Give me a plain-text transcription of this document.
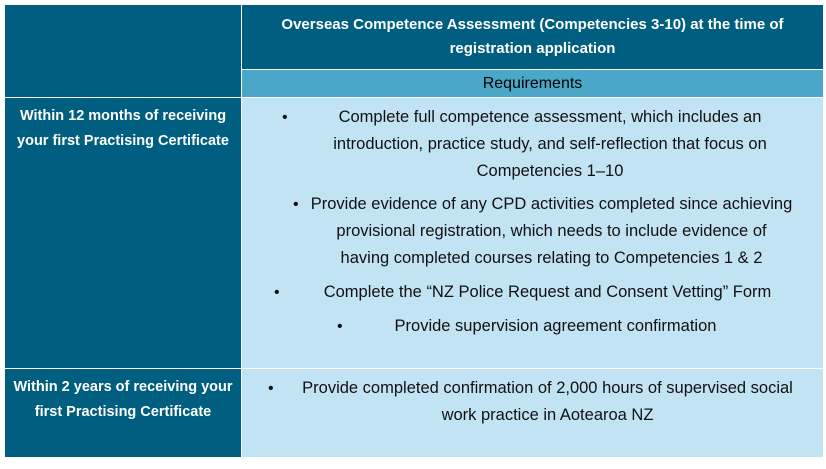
Overseas Competence Assessment (Competencies 3-10) at the time of registration application
Requirements
Within 12 months of receiving your first Practising Certificate
•	Complete full competence assessment, which includes an introduction, practice study, and self-reflection that focus on Competencies 1–10
• Provide evidence of any CPD activities completed since achieving provisional registration, which needs to include evidence of having completed courses relating to Competencies 1 & 2
•	Complete the “NZ Police Request and Consent Vetting” Form
•	Provide supervision agreement confirmation
Within 2 years of receiving your first Practising Certificate
• Provide completed confirmation of 2,000 hours of supervised social work practice in Aotearoa NZ
